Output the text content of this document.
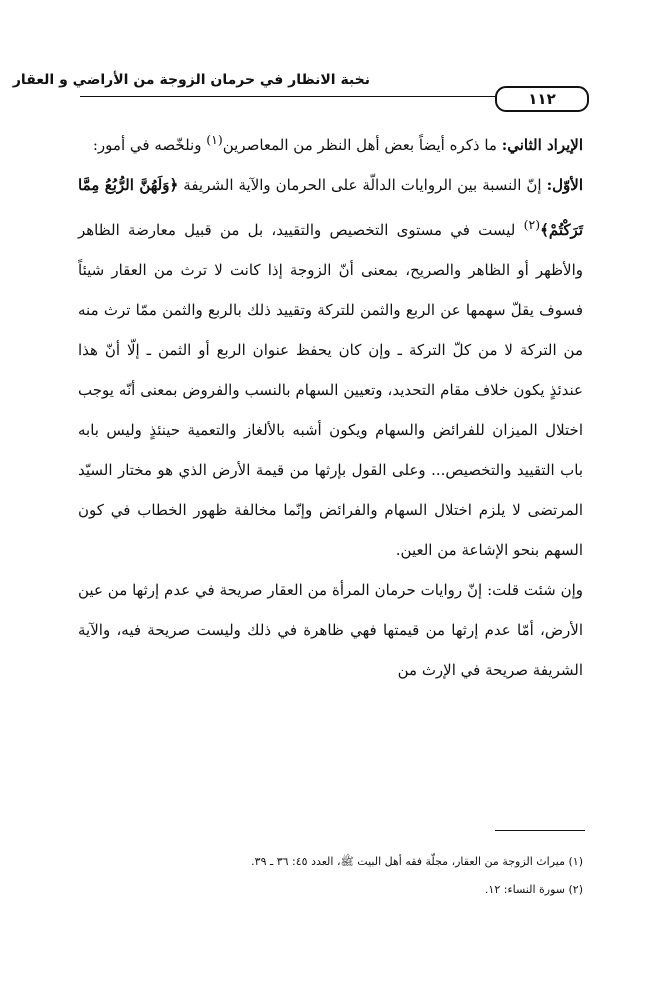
نخبة الانظار في حرمان الزوجة من الأراضي و العقار
١١٢

الإيراد الثاني: ما ذكره أيضاً بعض أهل النظر من المعاصرين$^{(١)}$ ونلخّصه في أمور:

الأوّل: إنّ النسبة بين الروايات الدالّة على الحرمان والآية الشريفة ﴿وَلَهُنَّ الرُّبُعُ مِمَّا تَرَكْتُمْ﴾$^{(٢)}$ ليست في مستوى التخصيص والتقييد، بل من قبيل معارضة الظاهر والأظهر أو الظاهر والصريح، بمعنى أنّ الزوجة إذا كانت لا ترث من العقار شيئاً فسوف يقلّ سهمها عن الربع والثمن للتركة وتقييد ذلك بالربع والثمن ممّا ترث منه من التركة لا من كلّ التركة ـ وإن كان يحفظ عنوان الربع أو الثمن ـ إلّا أنّ هذا عندئذٍ يكون خلاف مقام التحديد، وتعيين السهام بالنسب والفروض بمعنى أنّه يوجب اختلال الميزان للفرائض والسهام ويكون أشبه بالألغاز والتعمية حينئذٍ وليس بابه باب التقييد والتخصيص... وعلى القول بإرثها من قيمة الأرض الذي هو مختار السيّد المرتضى لا يلزم اختلال السهام والفرائض وإنّما مخالفة ظهور الخطاب في كون السهم بنحو الإشاعة من العين.

وإن شئت قلت: إنّ روايات حرمان المرأة من العقار صريحة في عدم إرثها من عين الأرض، أمّا عدم إرثها من قيمتها فهي ظاهرة في ذلك وليست صريحة فيه، والآية الشريفة صريحة في الإرث من

(١) ميراث الزوجة من العقار، مجلّة فقه أهل البيت ﷺ، العدد ٤٥: ٣٦ ـ ٣٩.

(٢) سورة النساء: ١٢.
